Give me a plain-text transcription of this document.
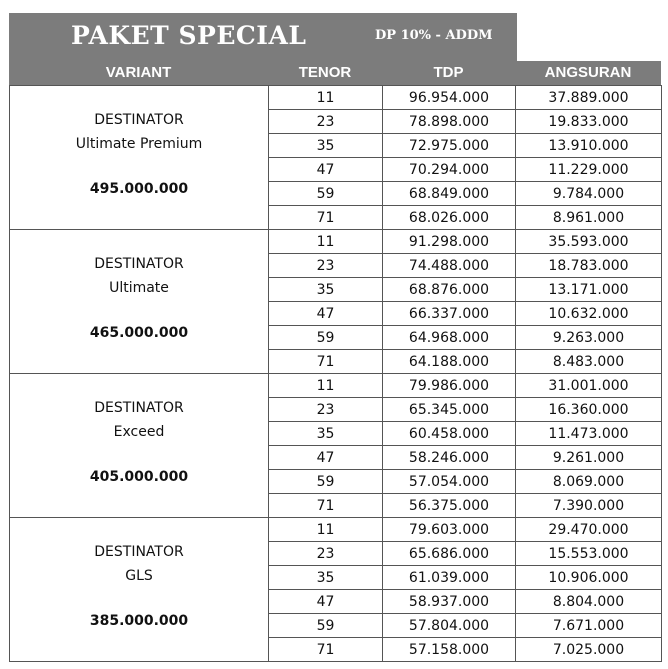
PAKET SPECIAL	DP 10% - ADDM
VARIANT	TENOR	TDP	ANGSURAN
DESTINATOR
Ultimate Premium
495.000.000	11	96.954.000	37.889.000
	23	78.898.000	19.833.000
	35	72.975.000	13.910.000
	47	70.294.000	11.229.000
	59	68.849.000	9.784.000
	71	68.026.000	8.961.000

DESTINATOR
Ultimate
465.000.000	11	91.298.000	35.593.000
	23	74.488.000	18.783.000
	35	68.876.000	13.171.000
	47	66.337.000	10.632.000
	59	64.968.000	9.263.000
	71	64.188.000	8.483.000

DESTINATOR
Exceed
405.000.000	11	79.986.000	31.001.000
	23	65.345.000	16.360.000
	35	60.458.000	11.473.000
	47	58.246.000	9.261.000
	59	57.054.000	8.069.000
	71	56.375.000	7.390.000

DESTINATOR
GLS
385.000.000	11	79.603.000	29.470.000
	23	65.686.000	15.553.000
	35	61.039.000	10.906.000
	47	58.937.000	8.804.000
	59	57.804.000	7.671.000
	71	57.158.000	7.025.000
